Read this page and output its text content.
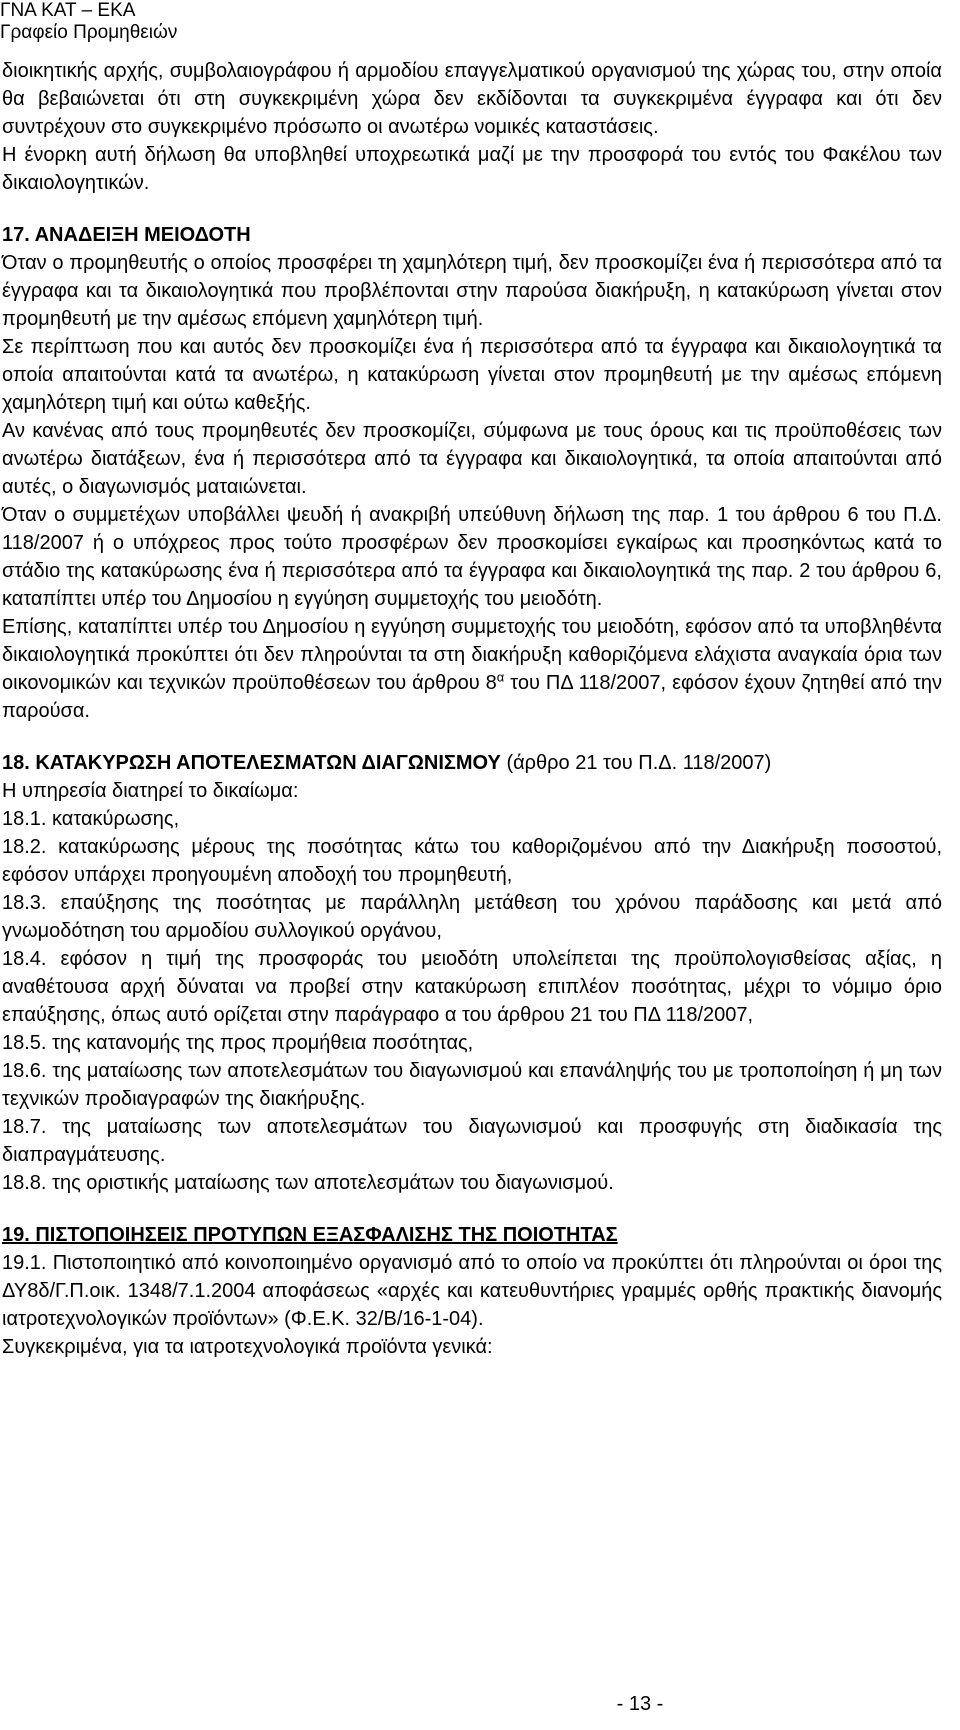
ΓΝΑ ΚΑΤ – ΕΚΑ
Γραφείο Προμηθειών

διοικητικής αρχής, συμβολαιογράφου ή αρμοδίου επαγγελματικού οργανισμού της χώρας του, στην οποία θα βεβαιώνεται ότι στη συγκεκριμένη χώρα δεν εκδίδονται τα συγκεκριμένα έγγραφα και ότι δεν συντρέχουν στο συγκεκριμένο πρόσωπο οι ανωτέρω νομικές καταστάσεις.

Η ένορκη αυτή δήλωση θα υποβληθεί υποχρεωτικά μαζί με την προσφορά του εντός του Φακέλου των δικαιολογητικών.

17. ΑΝΑΔΕΙΞΗ ΜΕΙΟΔΟΤΗ

Όταν ο προμηθευτής ο οποίος προσφέρει τη χαμηλότερη τιμή, δεν προσκομίζει ένα ή περισσότερα από τα έγγραφα και τα δικαιολογητικά που προβλέπονται στην παρούσα διακήρυξη, η κατακύρωση γίνεται στον προμηθευτή με την αμέσως επόμενη χαμηλότερη τιμή.

Σε περίπτωση που και αυτός δεν προσκομίζει ένα ή περισσότερα από τα έγγραφα και δικαιολογητικά τα οποία απαιτούνται κατά τα ανωτέρω, η κατακύρωση γίνεται στον προμηθευτή με την αμέσως επόμενη χαμηλότερη τιμή και ούτω καθεξής.

Αν κανένας από τους προμηθευτές δεν προσκομίζει, σύμφωνα με τους όρους και τις προϋποθέσεις των ανωτέρω διατάξεων, ένα ή περισσότερα από τα έγγραφα και δικαιολογητικά, τα οποία απαιτούνται από αυτές, ο διαγωνισμός ματαιώνεται.

Όταν ο συμμετέχων υποβάλλει ψευδή ή ανακριβή υπεύθυνη δήλωση της παρ. 1 του άρθρου 6 του Π.Δ. 118/2007 ή ο υπόχρεος προς τούτο προσφέρων δεν προσκομίσει εγκαίρως και προσηκόντως κατά το στάδιο της κατακύρωσης ένα ή περισσότερα από τα έγγραφα και δικαιολογητικά της παρ. 2 του άρθρου 6, καταπίπτει υπέρ του Δημοσίου η εγγύηση συμμετοχής του μειοδότη.

Επίσης, καταπίπτει υπέρ του Δημοσίου η εγγύηση συμμετοχής του μειοδότη, εφόσον από τα υποβληθέντα δικαιολογητικά προκύπτει ότι δεν πληρούνται τα στη διακήρυξη καθοριζόμενα ελάχιστα αναγκαία όρια των οικονομικών και τεχνικών προϋποθέσεων του άρθρου $8^\alpha$ του ΠΔ 118/2007, εφόσον έχουν ζητηθεί από την παρούσα.

18. ΚΑΤΑΚΥΡΩΣΗ ΑΠΟΤΕΛΕΣΜΑΤΩΝ ΔΙΑΓΩΝΙΣΜΟΥ (άρθρο 21 του Π.Δ. 118/2007)

Η υπηρεσία διατηρεί το δικαίωμα:

18.1. κατακύρωσης,

18.2. κατακύρωσης μέρους της ποσότητας κάτω του καθοριζομένου από την Διακήρυξη ποσοστού, εφόσον υπάρχει προηγουμένη αποδοχή του προμηθευτή,

18.3. επαύξησης της ποσότητας με παράλληλη μετάθεση του χρόνου παράδοσης και μετά από γνωμοδότηση του αρμοδίου συλλογικού οργάνου,

18.4. εφόσον η τιμή της προσφοράς του μειοδότη υπολείπεται της προϋπολογισθείσας αξίας, η αναθέτουσα αρχή δύναται να προβεί στην κατακύρωση επιπλέον ποσότητας, μέχρι το νόμιμο όριο επαύξησης, όπως αυτό ορίζεται στην παράγραφο α του άρθρου 21 του ΠΔ 118/2007,

18.5. της κατανομής της προς προμήθεια ποσότητας,

18.6. της ματαίωσης των αποτελεσμάτων του διαγωνισμού και επανάληψής του με τροποποίηση ή μη των τεχνικών προδιαγραφών της διακήρυξης.

18.7. της ματαίωσης των αποτελεσμάτων του διαγωνισμού και προσφυγής στη διαδικασία της διαπραγμάτευσης.

18.8. της οριστικής ματαίωσης των αποτελεσμάτων του διαγωνισμού.

19. ΠΙΣΤΟΠΟΙΗΣΕΙΣ ΠΡΟΤΥΠΩΝ ΕΞΑΣΦΑΛΙΣΗΣ ΤΗΣ ΠΟΙΟΤΗΤΑΣ

19.1. Πιστοποιητικό από κοινοποιημένο οργανισμό από το οποίο να προκύπτει ότι πληρούνται οι όροι της ΔΥ8δ/Γ.Π.οικ. 1348/7.1.2004 αποφάσεως «αρχές και κατευθυντήριες γραμμές ορθής πρακτικής διανομής ιατροτεχνολογικών προϊόντων» (Φ.Ε.Κ. 32/Β/16-1-04).

Συγκεκριμένα, για τα ιατροτεχνολογικά προϊόντα γενικά:

- 13 -
